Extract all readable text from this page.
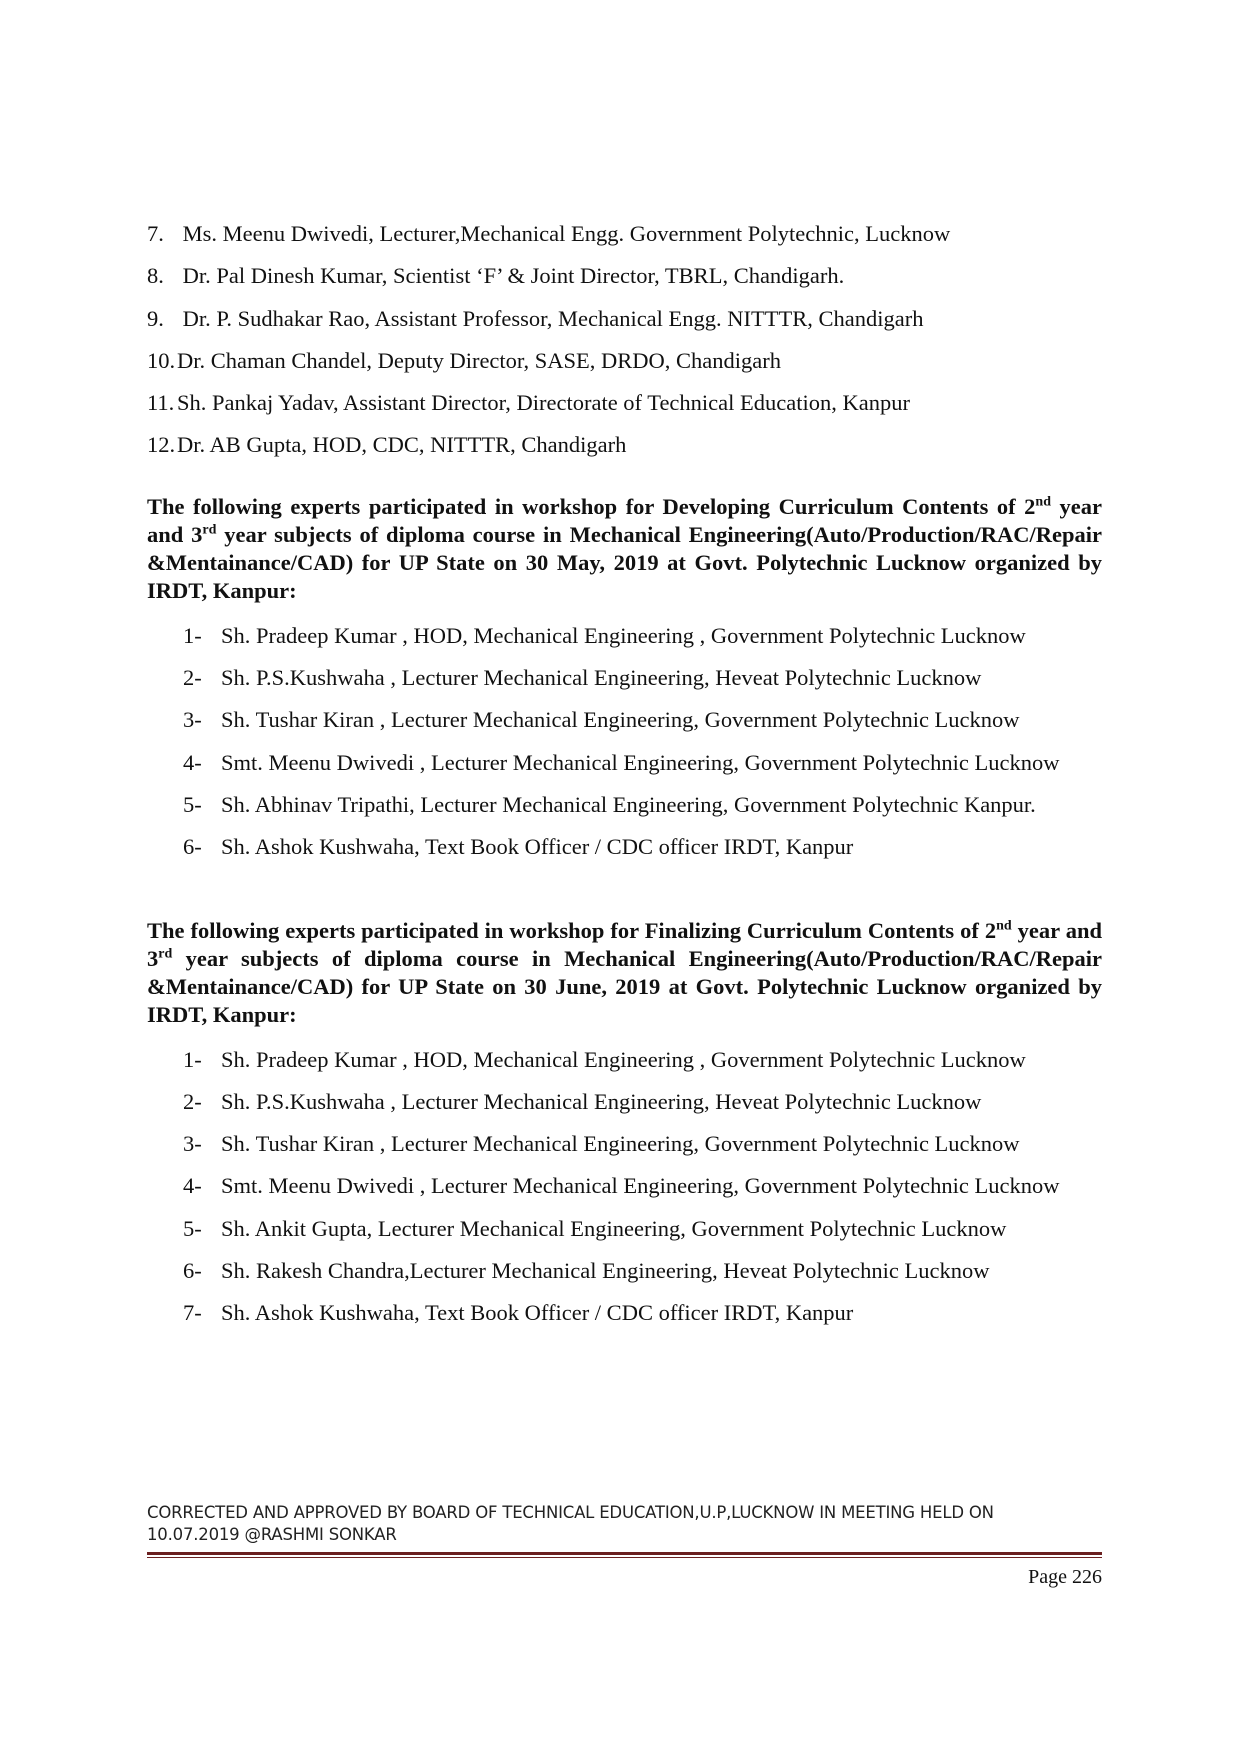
7. Ms. Meenu Dwivedi, Lecturer,Mechanical Engg. Government Polytechnic, Lucknow
8. Dr. Pal Dinesh Kumar, Scientist ‘F’ & Joint Director, TBRL, Chandigarh.
9. Dr. P. Sudhakar Rao, Assistant Professor, Mechanical Engg. NITTTR, Chandigarh
10.Dr. Chaman Chandel, Deputy Director, SASE, DRDO, Chandigarh
11. Sh. Pankaj Yadav, Assistant Director, Directorate of Technical Education, Kanpur
12.Dr. AB Gupta, HOD, CDC, NITTTR, Chandigarh

The following experts participated in workshop for Developing Curriculum Contents of 2nd year and 3rd year subjects of diploma course in Mechanical Engineering(Auto/Production/RAC/Repair &Mentainance/CAD) for UP State on 30 May, 2019 at Govt. Polytechnic Lucknow organized by IRDT, Kanpur:

1- Sh. Pradeep Kumar , HOD, Mechanical Engineering , Government Polytechnic Lucknow
2- Sh. P.S.Kushwaha , Lecturer Mechanical Engineering, Heveat Polytechnic Lucknow
3- Sh. Tushar Kiran , Lecturer Mechanical Engineering, Government Polytechnic Lucknow
4- Smt. Meenu Dwivedi , Lecturer Mechanical Engineering, Government Polytechnic Lucknow
5- Sh. Abhinav Tripathi, Lecturer Mechanical Engineering, Government Polytechnic Kanpur.
6- Sh. Ashok Kushwaha, Text Book Officer / CDC officer IRDT, Kanpur

The following experts participated in workshop for Finalizing Curriculum Contents of 2nd year and 3rd year subjects of diploma course in Mechanical Engineering(Auto/Production/RAC/Repair &Mentainance/CAD) for UP State on 30 June, 2019 at Govt. Polytechnic Lucknow organized by IRDT, Kanpur:

1- Sh. Pradeep Kumar , HOD, Mechanical Engineering , Government Polytechnic Lucknow
2- Sh. P.S.Kushwaha , Lecturer Mechanical Engineering, Heveat Polytechnic Lucknow
3- Sh. Tushar Kiran , Lecturer Mechanical Engineering, Government Polytechnic Lucknow
4- Smt. Meenu Dwivedi , Lecturer Mechanical Engineering, Government Polytechnic Lucknow
5- Sh. Ankit Gupta, Lecturer Mechanical Engineering, Government Polytechnic Lucknow
6- Sh. Rakesh Chandra,Lecturer Mechanical Engineering, Heveat Polytechnic Lucknow
7- Sh. Ashok Kushwaha, Text Book Officer / CDC officer IRDT, Kanpur
CORRECTED AND APPROVED BY BOARD OF TECHNICAL EDUCATION,U.P,LUCKNOW IN MEETING HELD ON
10.07.2019 @RASHMI SONKAR
Page 226
